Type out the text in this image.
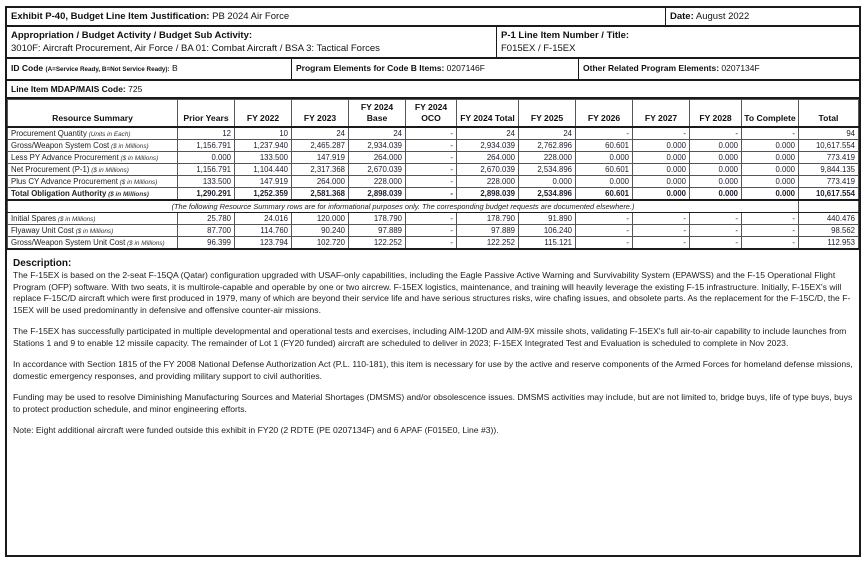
Exhibit P-40, Budget Line Item Justification: PB 2024 Air Force	Date: August 2022
Appropriation / Budget Activity / Budget Sub Activity:
3010F: Aircraft Procurement, Air Force / BA 01: Combat Aircraft / BSA 3: Tactical Forces
P-1 Line Item Number / Title:
F015EX / F-15EX
ID Code (A=Service Ready, B=Not Service Ready): B	Program Elements for Code B Items: 0207146F	Other Related Program Elements: 0207134F
Line Item MDAP/MAIS Code: 725
Resource Summary	Prior Years	FY 2022	FY 2023	FY 2024 Base	FY 2024 OCO	FY 2024 Total	FY 2025	FY 2026	FY 2027	FY 2028	To Complete	Total
Procurement Quantity (Units in Each)	12	10	24	24	-	24	24	-	-	-	-	94
Gross/Weapon System Cost ($ in Millions)	1,156.791	1,237.940	2,465.287	2,934.039	-	2,934.039	2,762.896	60.601	0.000	0.000	0.000	10,617.554
Less PY Advance Procurement ($ in Millions)	0.000	133.500	147.919	264.000	-	264.000	228.000	0.000	0.000	0.000	0.000	773.419
Net Procurement (P-1) ($ in Millions)	1,156.791	1,104.440	2,317.368	2,670.039	-	2,670.039	2,534.896	60.601	0.000	0.000	0.000	9,844.135
Plus CY Advance Procurement ($ in Millions)	133.500	147.919	264.000	228.000	-	228.000	0.000	0.000	0.000	0.000	0.000	773.419
Total Obligation Authority ($ in Millions)	1,290.291	1,252.359	2,581.368	2,898.039	-	2,898.039	2,534.896	60.601	0.000	0.000	0.000	10,617.554
(The following Resource Summary rows are for informational purposes only. The corresponding budget requests are documented elsewhere.)												
Initial Spares ($ in Millions)	25.780	24.016	120.000	178.790	-	178.790	91.890	-	-	-	-	440.476
Flyaway Unit Cost ($ in Millions)	87.700	114.760	90.240	97.889	-	97.889	106.240	-	-	-	-	98.562
Gross/Weapon System Unit Cost ($ in Millions)	96.399	123.794	102.720	122.252	-	122.252	115.121	-	-	-	-	112.953
Description:

The F-15EX is based on the 2-seat F-15QA (Qatar) configuration upgraded with USAF-only capabilities, including the Eagle Passive Active Warning and Survivability System (EPAWSS) and the F-15 Operational Flight Program (OFP) software. With two seats, it is multirole-capable and operable by one or two aircrew. F-15EX logistics, maintenance, and training will heavily leverage the existing F-15 infrastructure. Initially, F-15EX's will replace F-15C/D aircraft which were first produced in 1979, many of which are beyond their service life and have serious structures risks, wire chafing issues, and obsolete parts. As the replacement for the F-15C/D, the F-15EX will be used predominantly in defensive and offensive counter-air missions.

The F-15EX has successfully participated in multiple developmental and operational tests and exercises, including AIM-120D and AIM-9X missile shots, validating F-15EX's full air-to-air capability to include launches from Stations 1 and 9 to enable 12 missile capacity. The remainder of Lot 1 (FY20 funded) aircraft are scheduled to deliver in 2023; F-15EX Integrated Test and Evaluation is scheduled to complete in Nov 2023.

In accordance with Section 1815 of the FY 2008 National Defense Authorization Act (P.L. 110-181), this item is necessary for use by the active and reserve components of the Armed Forces for homeland defense missions, domestic emergency responses, and providing military support to civil authorities.

Funding may be used to resolve Diminishing Manufacturing Sources and Material Shortages (DMSMS) and/or obsolescence issues. DMSMS activities may include, but are not limited to, bridge buys, life of type buys, buys to protect production schedule, and minor engineering efforts.

Note: Eight additional aircraft were funded outside this exhibit in FY20 (2 RDTE (PE 0207134F) and 6 APAF (F015E0, Line #3)).
